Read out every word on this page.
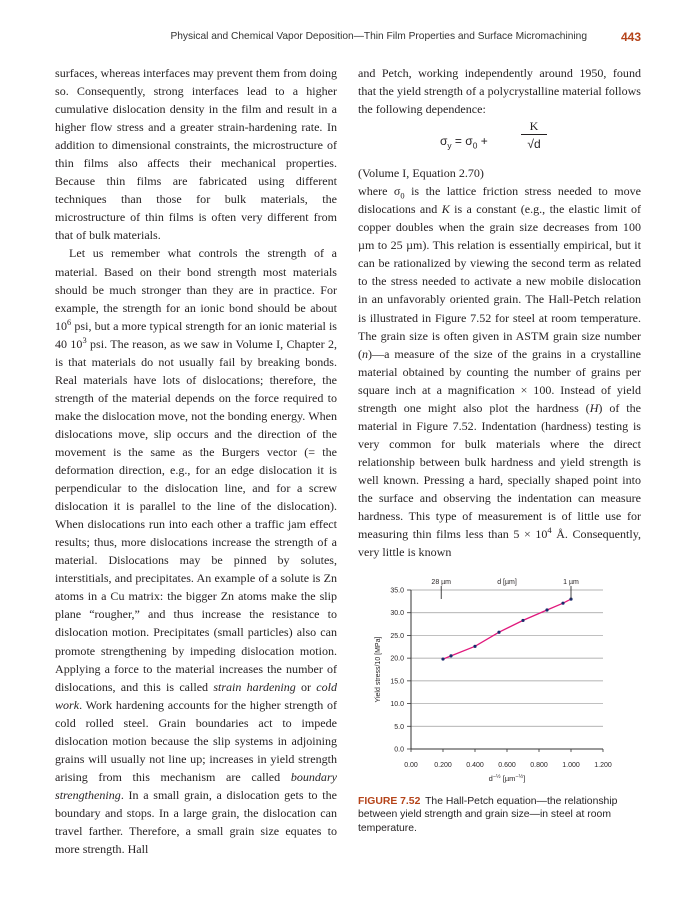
Physical and Chemical Vapor Deposition—Thin Film Properties and Surface Micromachining	443

surfaces, whereas interfaces may prevent them from doing so. Consequently, strong interfaces lead to a higher cumulative dislocation density in the film and result in a higher flow stress and a greater strain-hardening rate. In addition to dimensional constraints, the microstructure of thin films also affects their mechanical properties. Because thin films are fabricated using different techniques than those for bulk materials, the microstructure of thin films is often very different from that of bulk materials.

Let us remember what controls the strength of a material. Based on their bond strength most materials should be much stronger than they are in practice. For example, the strength for an ionic bond should be about $10^6$ psi, but a more typical strength for an ionic material is 40 $10^3$ psi. The reason, as we saw in Volume I, Chapter 2, is that materials do not usually fail by breaking bonds. Real materials have lots of dislocations; therefore, the strength of the material depends on the force required to make the dislocation move, not the bonding energy. When dislocations move, slip occurs and the direction of the movement is the same as the Burgers vector (= the deformation direction, e.g., for an edge dislocation it is perpendicular to the dislocation line, and for a screw dislocation it is parallel to the line of the dislocation). When dislocations run into each other a traffic jam effect results; thus, more dislocations increase the strength of a material. Dislocations may be pinned by solutes, interstitials, and precipitates. An example of a solute is Zn atoms in a Cu matrix: the bigger Zn atoms make the slip plane “rougher,” and thus increase the resistance to dislocation motion. Precipitates (small particles) also can promote strengthening by impeding dislocation motion. Applying a force to the material increases the number of dislocations, and this is called strain hardening or cold work. Work hardening accounts for the higher strength of cold rolled steel. Grain boundaries act to impede dislocation motion because the slip systems in adjoining grains will usually not line up; increases in yield strength arising from this mechanism are called boundary strengthening. In a small grain, a dislocation gets to the boundary and stops. In a large grain, the dislocation can travel farther. Therefore, a small grain size equates to more strength. Hall

and Petch, working independently around 1950, found that the yield strength of a polycrystalline material follows the following dependence:

$\sigma_y = \sigma_0$ +	$\frac{K}{√d}$

(Volume I, Equation 2.70)

where $\sigma_0$ is the lattice friction stress needed to move dislocations and K is a constant (e.g., the elastic limit of copper doubles when the grain size decreases from 100 µm to 25 µm). This relation is essentially empirical, but it can be rationalized by viewing the second term as related to the stress needed to activate a new mobile dislocation in an unfavorably oriented grain. The Hall-Petch relation is illustrated in Figure 7.52 for steel at room temperature. The grain size is often given in ASTM grain size number (n)—a measure of the size of the grains in a crystalline material obtained by counting the number of grains per square inch at a magnification × 100. Instead of yield strength one might also plot the hardness (H) of the material in Figure 7.52. Indentation (hardness) testing is very common for bulk materials where the direct relationship between bulk hardness and yield strength is well known. Pressing a hard, specially shaped point into the surface and observing the indentation can measure hardness. This type of measurement is of little use for measuring thin films less than $5 \times 10^4$ Å. Consequently, very little is known

0.0
5.0
10.0
15.0
20.0
25.0
30.0
35.0
0.00 0.200 0.400 0.600 0.800 1.000 1.200
28 µm	1 µm
d [µm]
Yield stress/10 [MPa]
$d^{-\frac{1}{2}}$ [µm$^{-\frac{1}{2}}$]
FIGURE 7.52 The Hall-Petch equation—the relationship between yield strength and grain size—in steel at room temperature.
